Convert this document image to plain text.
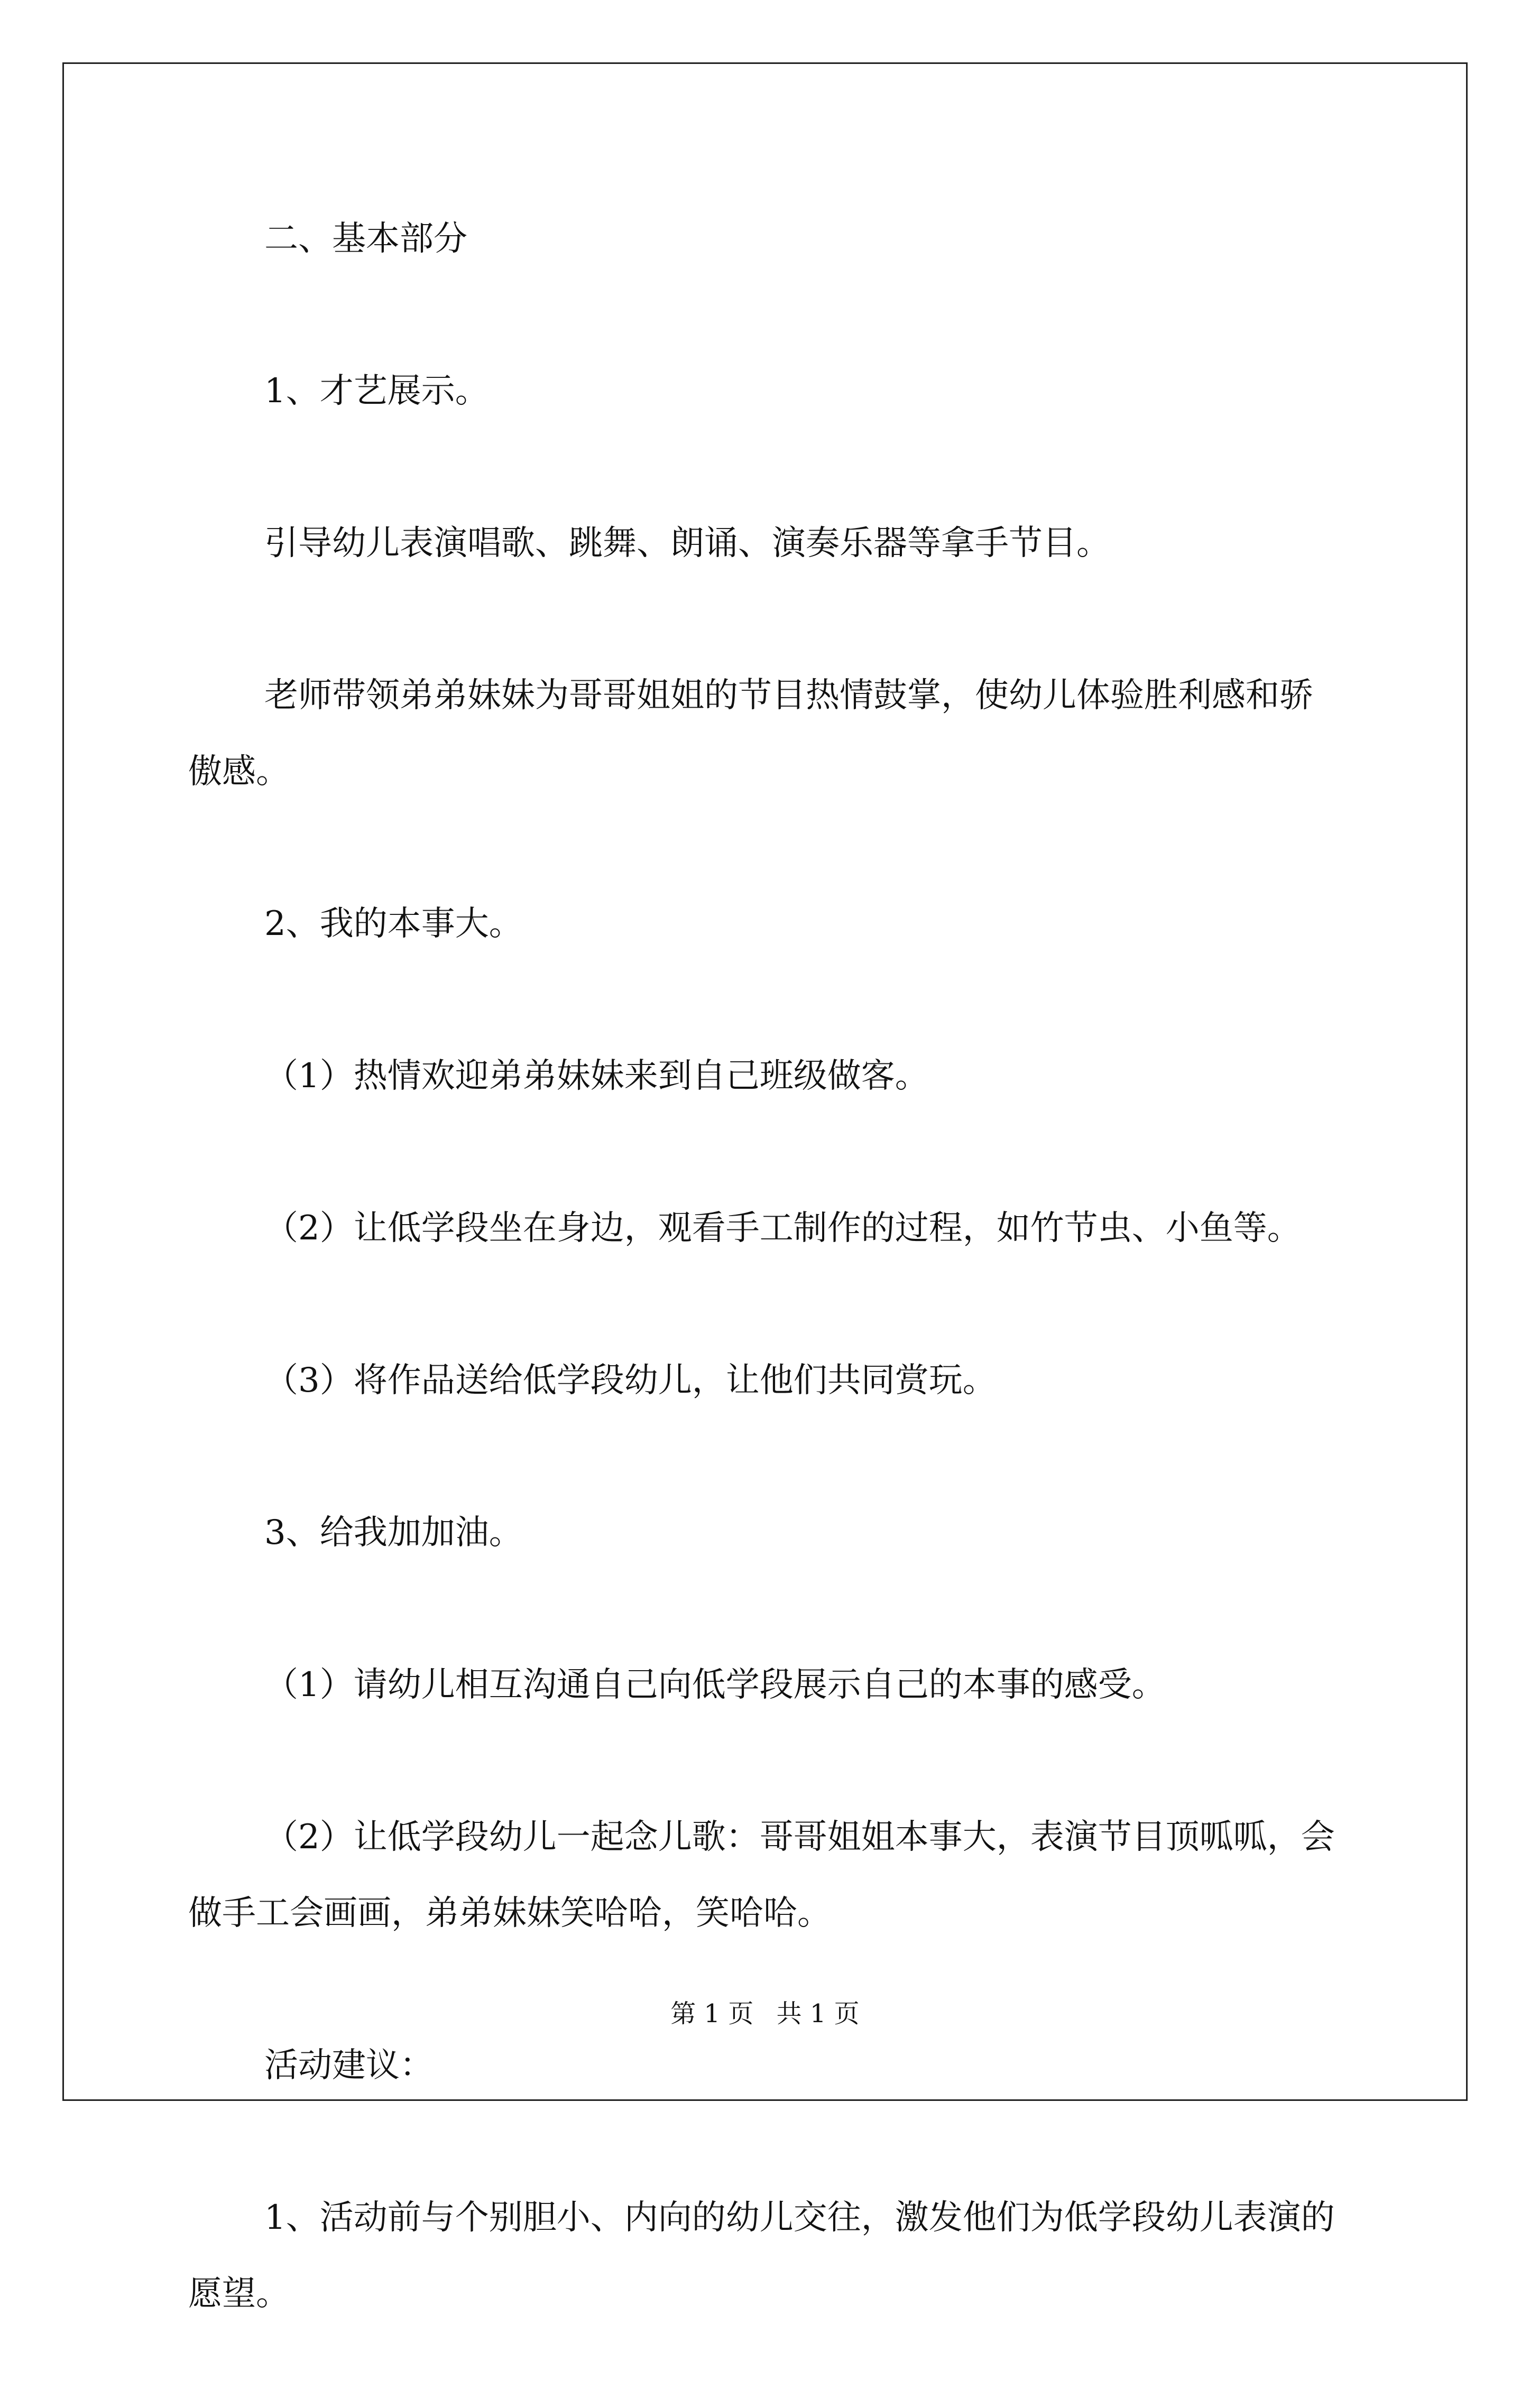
二、基本部分

1、才艺展示。

引导幼儿表演唱歌、跳舞、朗诵、演奏乐器等拿手节目。

老师带领弟弟妹妹为哥哥姐姐的节目热情鼓掌，使幼儿体验胜利感和骄傲感。

2、我的本事大。

（1）热情欢迎弟弟妹妹来到自己班级做客。

（2）让低学段坐在身边，观看手工制作的过程，如竹节虫、小鱼等。

（3）将作品送给低学段幼儿，让他们共同赏玩。

3、给我加加油。

（1）请幼儿相互沟通自己向低学段展示自己的本事的感受。

（2）让低学段幼儿一起念儿歌：哥哥姐姐本事大，表演节目顶呱呱，会做手工会画画，弟弟妹妹笑哈哈，笑哈哈。

活动建议：

1、活动前与个别胆小、内向的幼儿交往，激发他们为低学段幼儿表演的愿望。

第 1 页 共 1 页
